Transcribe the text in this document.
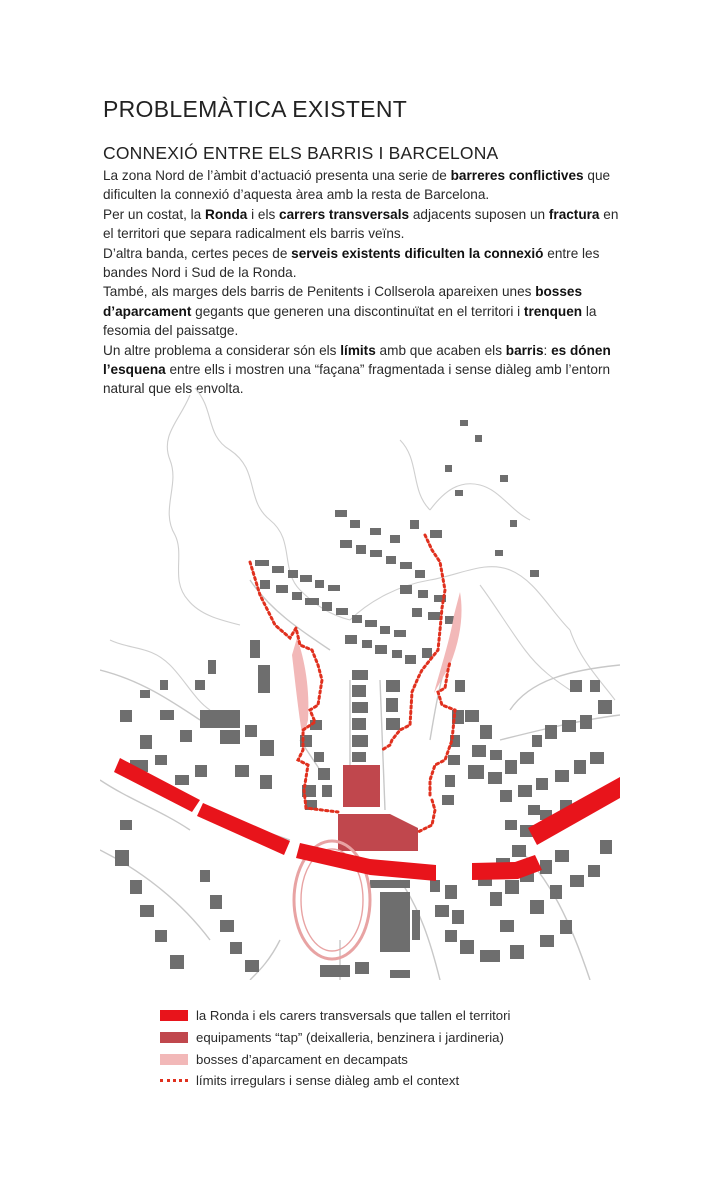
PROBLEMÀTICA EXISTENT
CONNEXIÓ ENTRE ELS BARRIS I BARCELONA

La zona Nord de l’àmbit d’actuació presenta una serie de barreres conflictives que dificulten la connexió d’aquesta àrea amb la resta de Barcelona.

Per un costat, la Ronda i els carrers transversals adjacents suposen un fractura en el territori que separa radicalment els barris veïns.

D’altra banda, certes peces de serveis existents dificulten la connexió entre les bandes Nord i Sud de la Ronda.

També, als marges dels barris de Penitents i Collserola apareixen unes bosses d’aparcament gegants que generen una discontinuïtat en el territori i trenquen la fesomia del paissatge.

Un altre problema a considerar són els límits amb que acaben els barris: es dónen l’esquena entre ells i mostren una “façana” fragmentada i sense diàleg amb l’entorn natural que els envolta.

la Ronda i els carers transversals que tallen el territori
equipaments “tap” (deixalleria, benzinera i jardineria)
bosses d’aparcament en decampats
límits irregulars i sense diàleg amb el context
